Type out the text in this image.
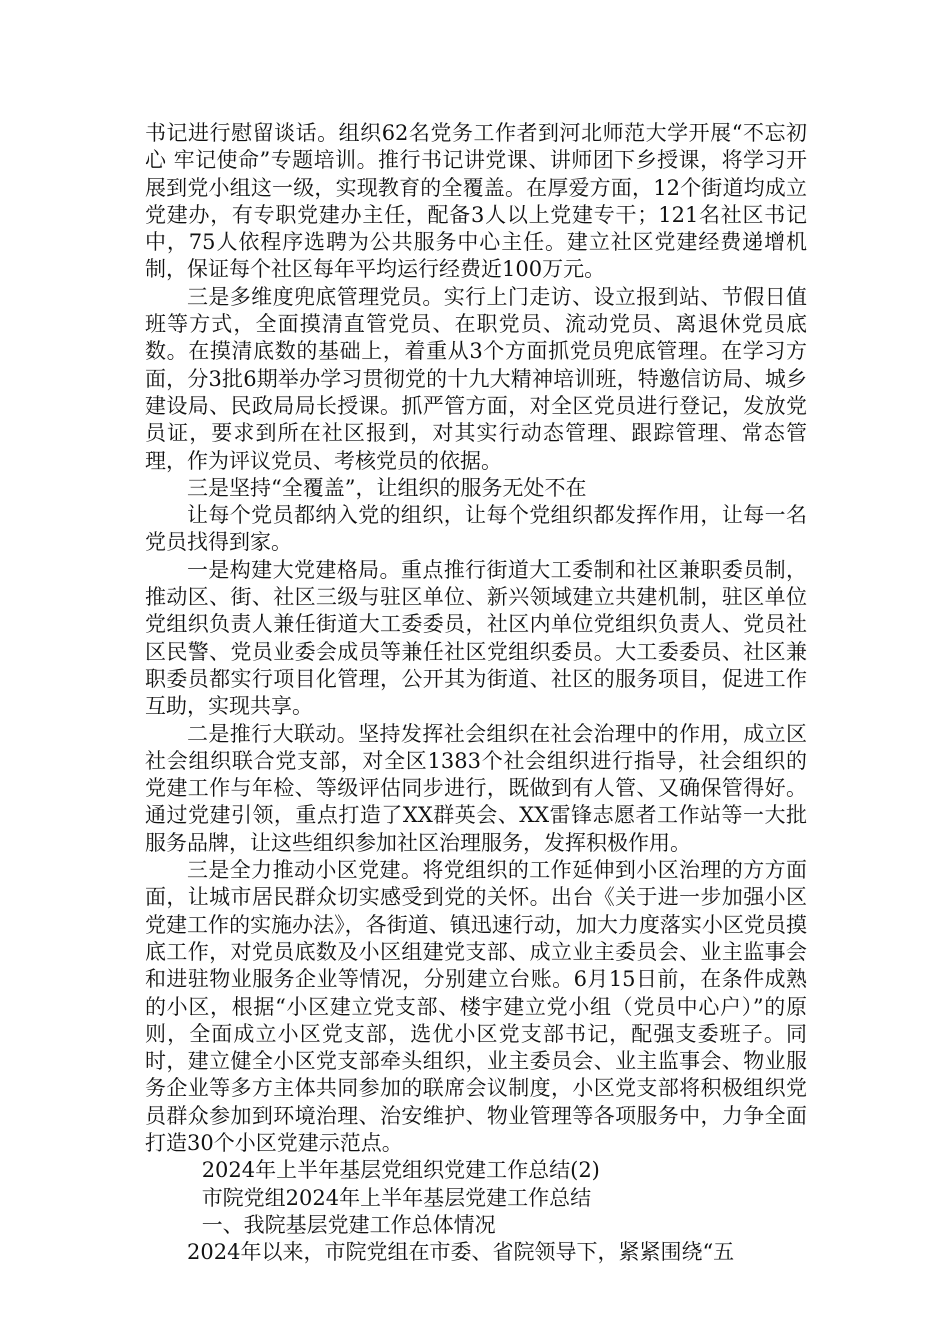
书记进行慰留谈话。组织62名党务工作者到河北师范大学开展“不忘初心 牢记使命”专题培训。推行书记讲党课、讲师团下乡授课，将学习开展到党小组这一级，实现教育的全覆盖。在厚爱方面，12个街道均成立党建办，有专职党建办主任，配备3人以上党建专干；121名社区书记中，75人依程序选聘为公共服务中心主任。建立社区党建经费递增机制，保证每个社区每年平均运行经费近100万元。

三是多维度兜底管理党员。实行上门走访、设立报到站、节假日值班等方式，全面摸清直管党员、在职党员、流动党员、离退休党员底数。在摸清底数的基础上，着重从3个方面抓党员兜底管理。在学习方面，分3批6期举办学习贯彻党的十九大精神培训班，特邀信访局、城乡建设局、民政局局长授课。抓严管方面，对全区党员进行登记，发放党员证，要求到所在社区报到，对其实行动态管理、跟踪管理、常态管理，作为评议党员、考核党员的依据。

三是坚持“全覆盖”，让组织的服务无处不在

让每个党员都纳入党的组织，让每个党组织都发挥作用，让每一名党员找得到家。

一是构建大党建格局。重点推行街道大工委制和社区兼职委员制，推动区、街、社区三级与驻区单位、新兴领域建立共建机制，驻区单位党组织负责人兼任街道大工委委员，社区内单位党组织负责人、党员社区民警、党员业委会成员等兼任社区党组织委员。大工委委员、社区兼职委员都实行项目化管理，公开其为街道、社区的服务项目，促进工作互助，实现共享。

二是推行大联动。坚持发挥社会组织在社会治理中的作用，成立区社会组织联合党支部，对全区1383个社会组织进行指导，社会组织的党建工作与年检、等级评估同步进行，既做到有人管、又确保管得好。通过党建引领，重点打造了XX群英会、XX雷锋志愿者工作站等一大批服务品牌，让这些组织参加社区治理服务，发挥积极作用。

三是全力推动小区党建。将党组织的工作延伸到小区治理的方方面面，让城市居民群众切实感受到党的关怀。出台《关于进一步加强小区党建工作的实施办法》，各街道、镇迅速行动，加大力度落实小区党员摸底工作，对党员底数及小区组建党支部、成立业主委员会、业主监事会和进驻物业服务企业等情况，分别建立台账。6月15日前，在条件成熟的小区，根据“小区建立党支部、楼宇建立党小组（党员中心户）”的原则，全面成立小区党支部，选优小区党支部书记，配强支委班子。同时，建立健全小区党支部牵头组织，业主委员会、业主监事会、物业服务企业等多方主体共同参加的联席会议制度，小区党支部将积极组织党员群众参加到环境治理、治安维护、物业管理等各项服务中，力争全面打造30个小区党建示范点。

2024年上半年基层党组织党建工作总结(2)

市院党组2024年上半年基层党建工作总结

一、我院基层党建工作总体情况

2024年以来，市院党组在市委、省院领导下，紧紧围绕“五
